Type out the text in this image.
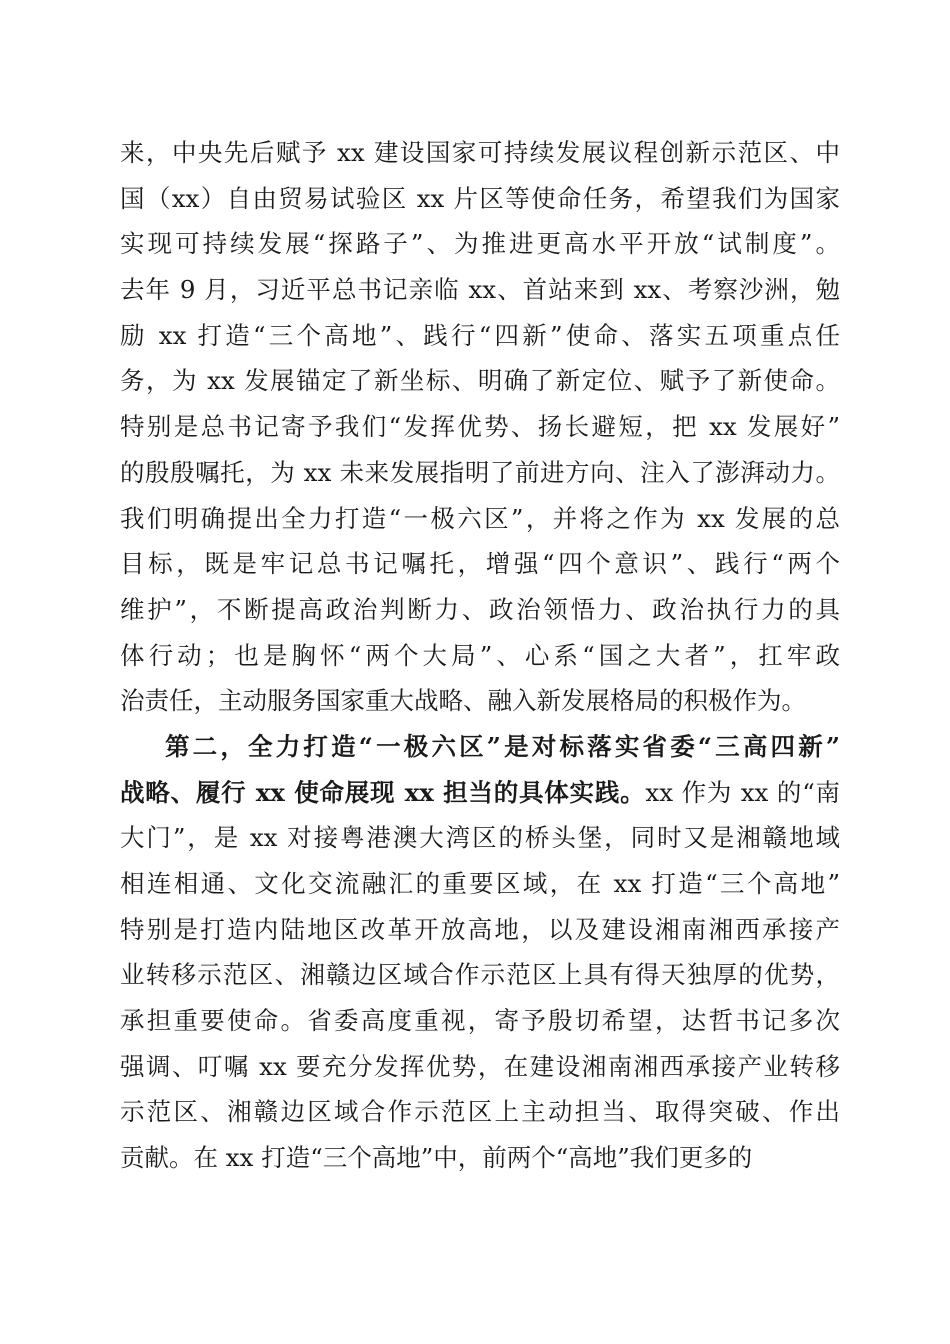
来，中央先后赋予 xx 建设国家可持续发展议程创新示范区、中
国（xx）自由贸易试验区 xx 片区等使命任务，希望我们为国家
实现可持续发展“探路子”、为推进更高水平开放“试制度”。
去年 9 月，习近平总书记亲临 xx、首站来到 xx、考察沙洲，勉
励 xx 打造“三个高地”、践行“四新”使命、落实五项重点任
务，为 xx 发展锚定了新坐标、明确了新定位、赋予了新使命。
特别是总书记寄予我们“发挥优势、扬长避短，把 xx 发展好”
的殷殷嘱托，为 xx 未来发展指明了前进方向、注入了澎湃动力。
我们明确提出全力打造“一极六区”，并将之作为 xx 发展的总
目标，既是牢记总书记嘱托，增强“四个意识”、践行“两个
维护”，不断提高政治判断力、政治领悟力、政治执行力的具
体行动；也是胸怀“两个大局”、心系“国之大者”，扛牢政
治责任，主动服务国家重大战略、融入新发展格局的积极作为。
第二，全力打造“一极六区”是对标落实省委“三高四新”
战略、履行 xx 使命展现 xx 担当的具体实践。xx 作为 xx 的“南
大门”，是 xx 对接粤港澳大湾区的桥头堡，同时又是湘赣地域
相连相通、文化交流融汇的重要区域，在 xx 打造“三个高地”
特别是打造内陆地区改革开放高地，以及建设湘南湘西承接产
业转移示范区、湘赣边区域合作示范区上具有得天独厚的优势，
承担重要使命。省委高度重视，寄予殷切希望，达哲书记多次
强调、叮嘱 xx 要充分发挥优势，在建设湘南湘西承接产业转移
示范区、湘赣边区域合作示范区上主动担当、取得突破、作出
贡献。在 xx 打造“三个高地”中，前两个“高地”我们更多的
